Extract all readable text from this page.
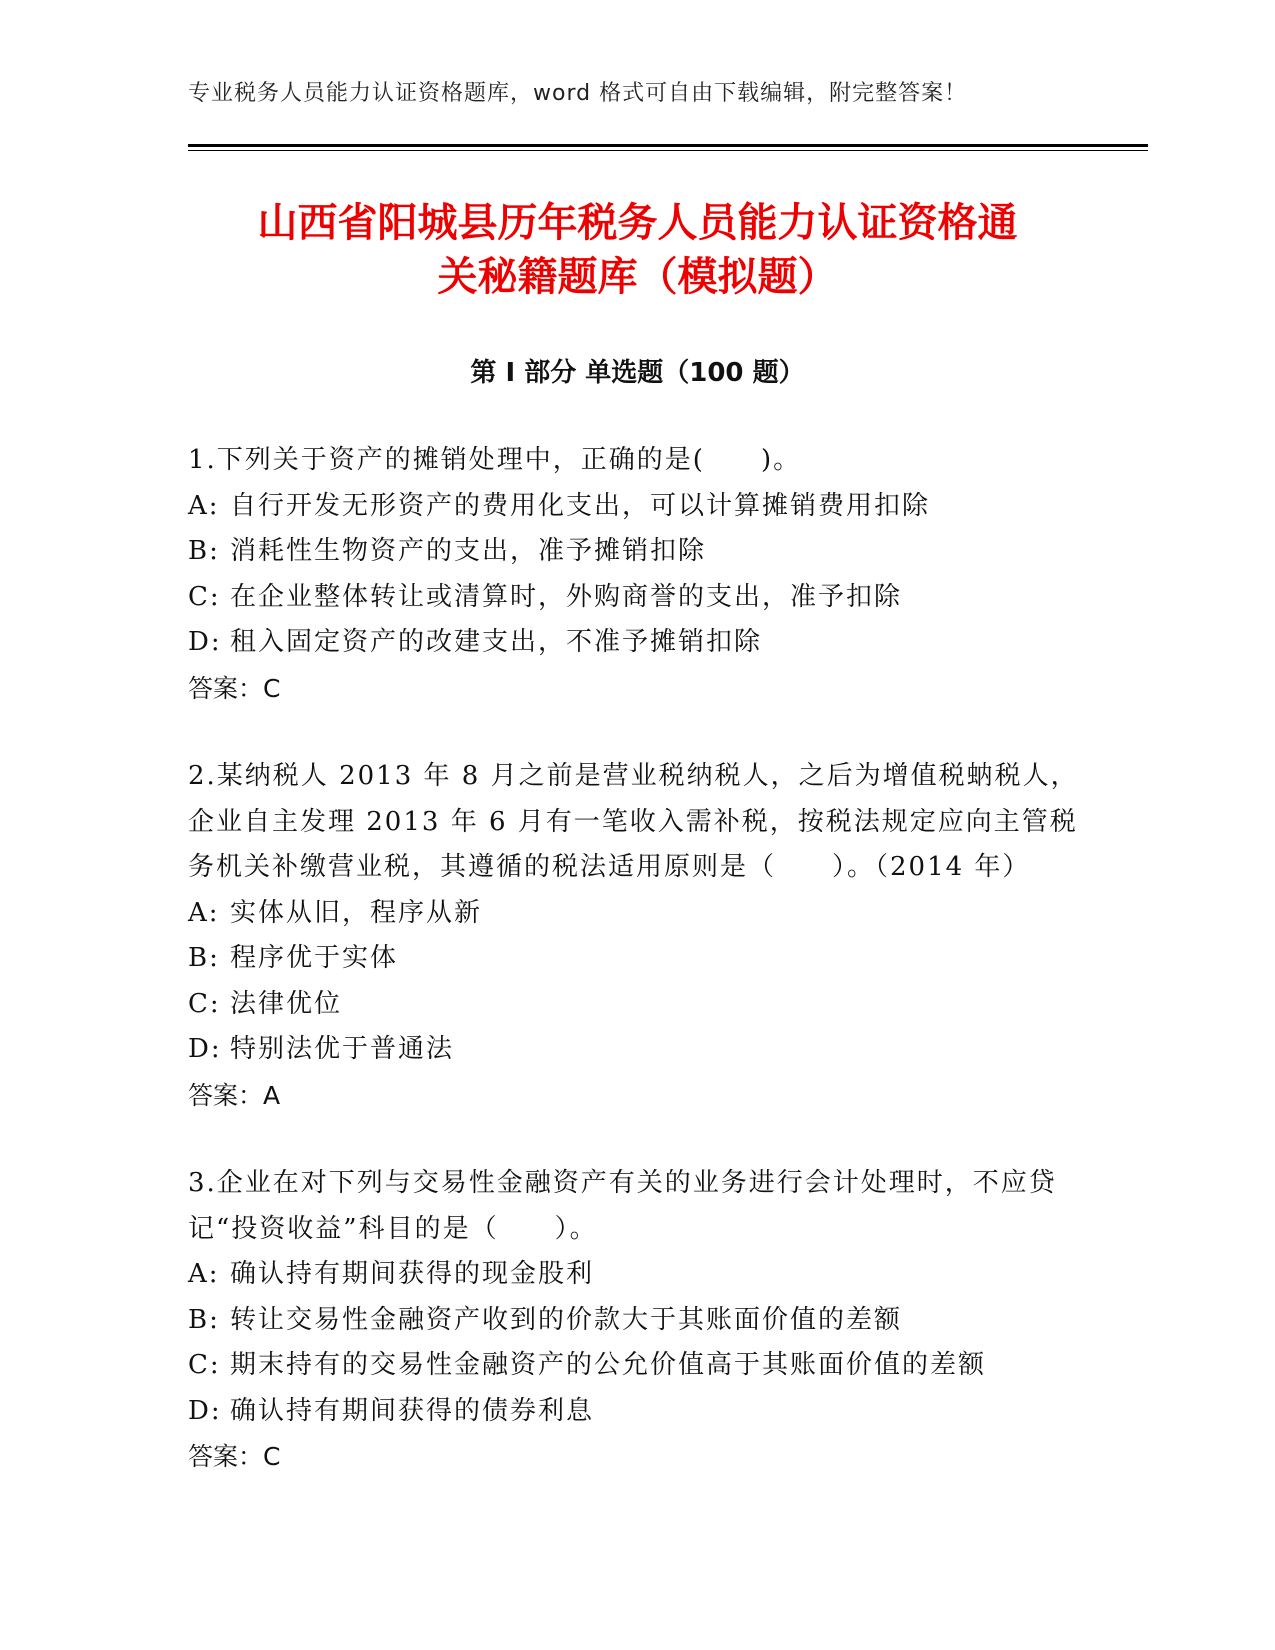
专业税务人员能力认证资格题库，word 格式可自由下载编辑，附完整答案！
山西省阳城县历年税务人员能力认证资格通
关秘籍题库（模拟题）
第 I 部分 单选题（100 题）

1.下列关于资产的摊销处理中，正确的是(　　)。

A: 自行开发无形资产的费用化支出，可以计算摊销费用扣除
B: 消耗性生物资产的支出，准予摊销扣除
C: 在企业整体转让或清算时，外购商誉的支出，准予扣除
D: 租入固定资产的改建支出，不准予摊销扣除
答案：C

2.某纳税人 2013 年 8 月之前是营业税纳税人，之后为增值税蚋税人，企业自主发理 2013 年 6 月有一笔收入需补税，按税法规定应向主管税务机关补缴营业税，其遵循的税法适用原则是（　　）。（2014 年）

A: 实体从旧，程序从新
B: 程序优于实体
C: 法律优位
D: 特别法优于普通法
答案：A

3.企业在对下列与交易性金融资产有关的业务进行会计处理时，不应贷记“投资收益”科目的是（　　）。

A: 确认持有期间获得的现金股利
B: 转让交易性金融资产收到的价款大于其账面价值的差额
C: 期末持有的交易性金融资产的公允价值高于其账面价值的差额
D: 确认持有期间获得的债券利息
答案：C
